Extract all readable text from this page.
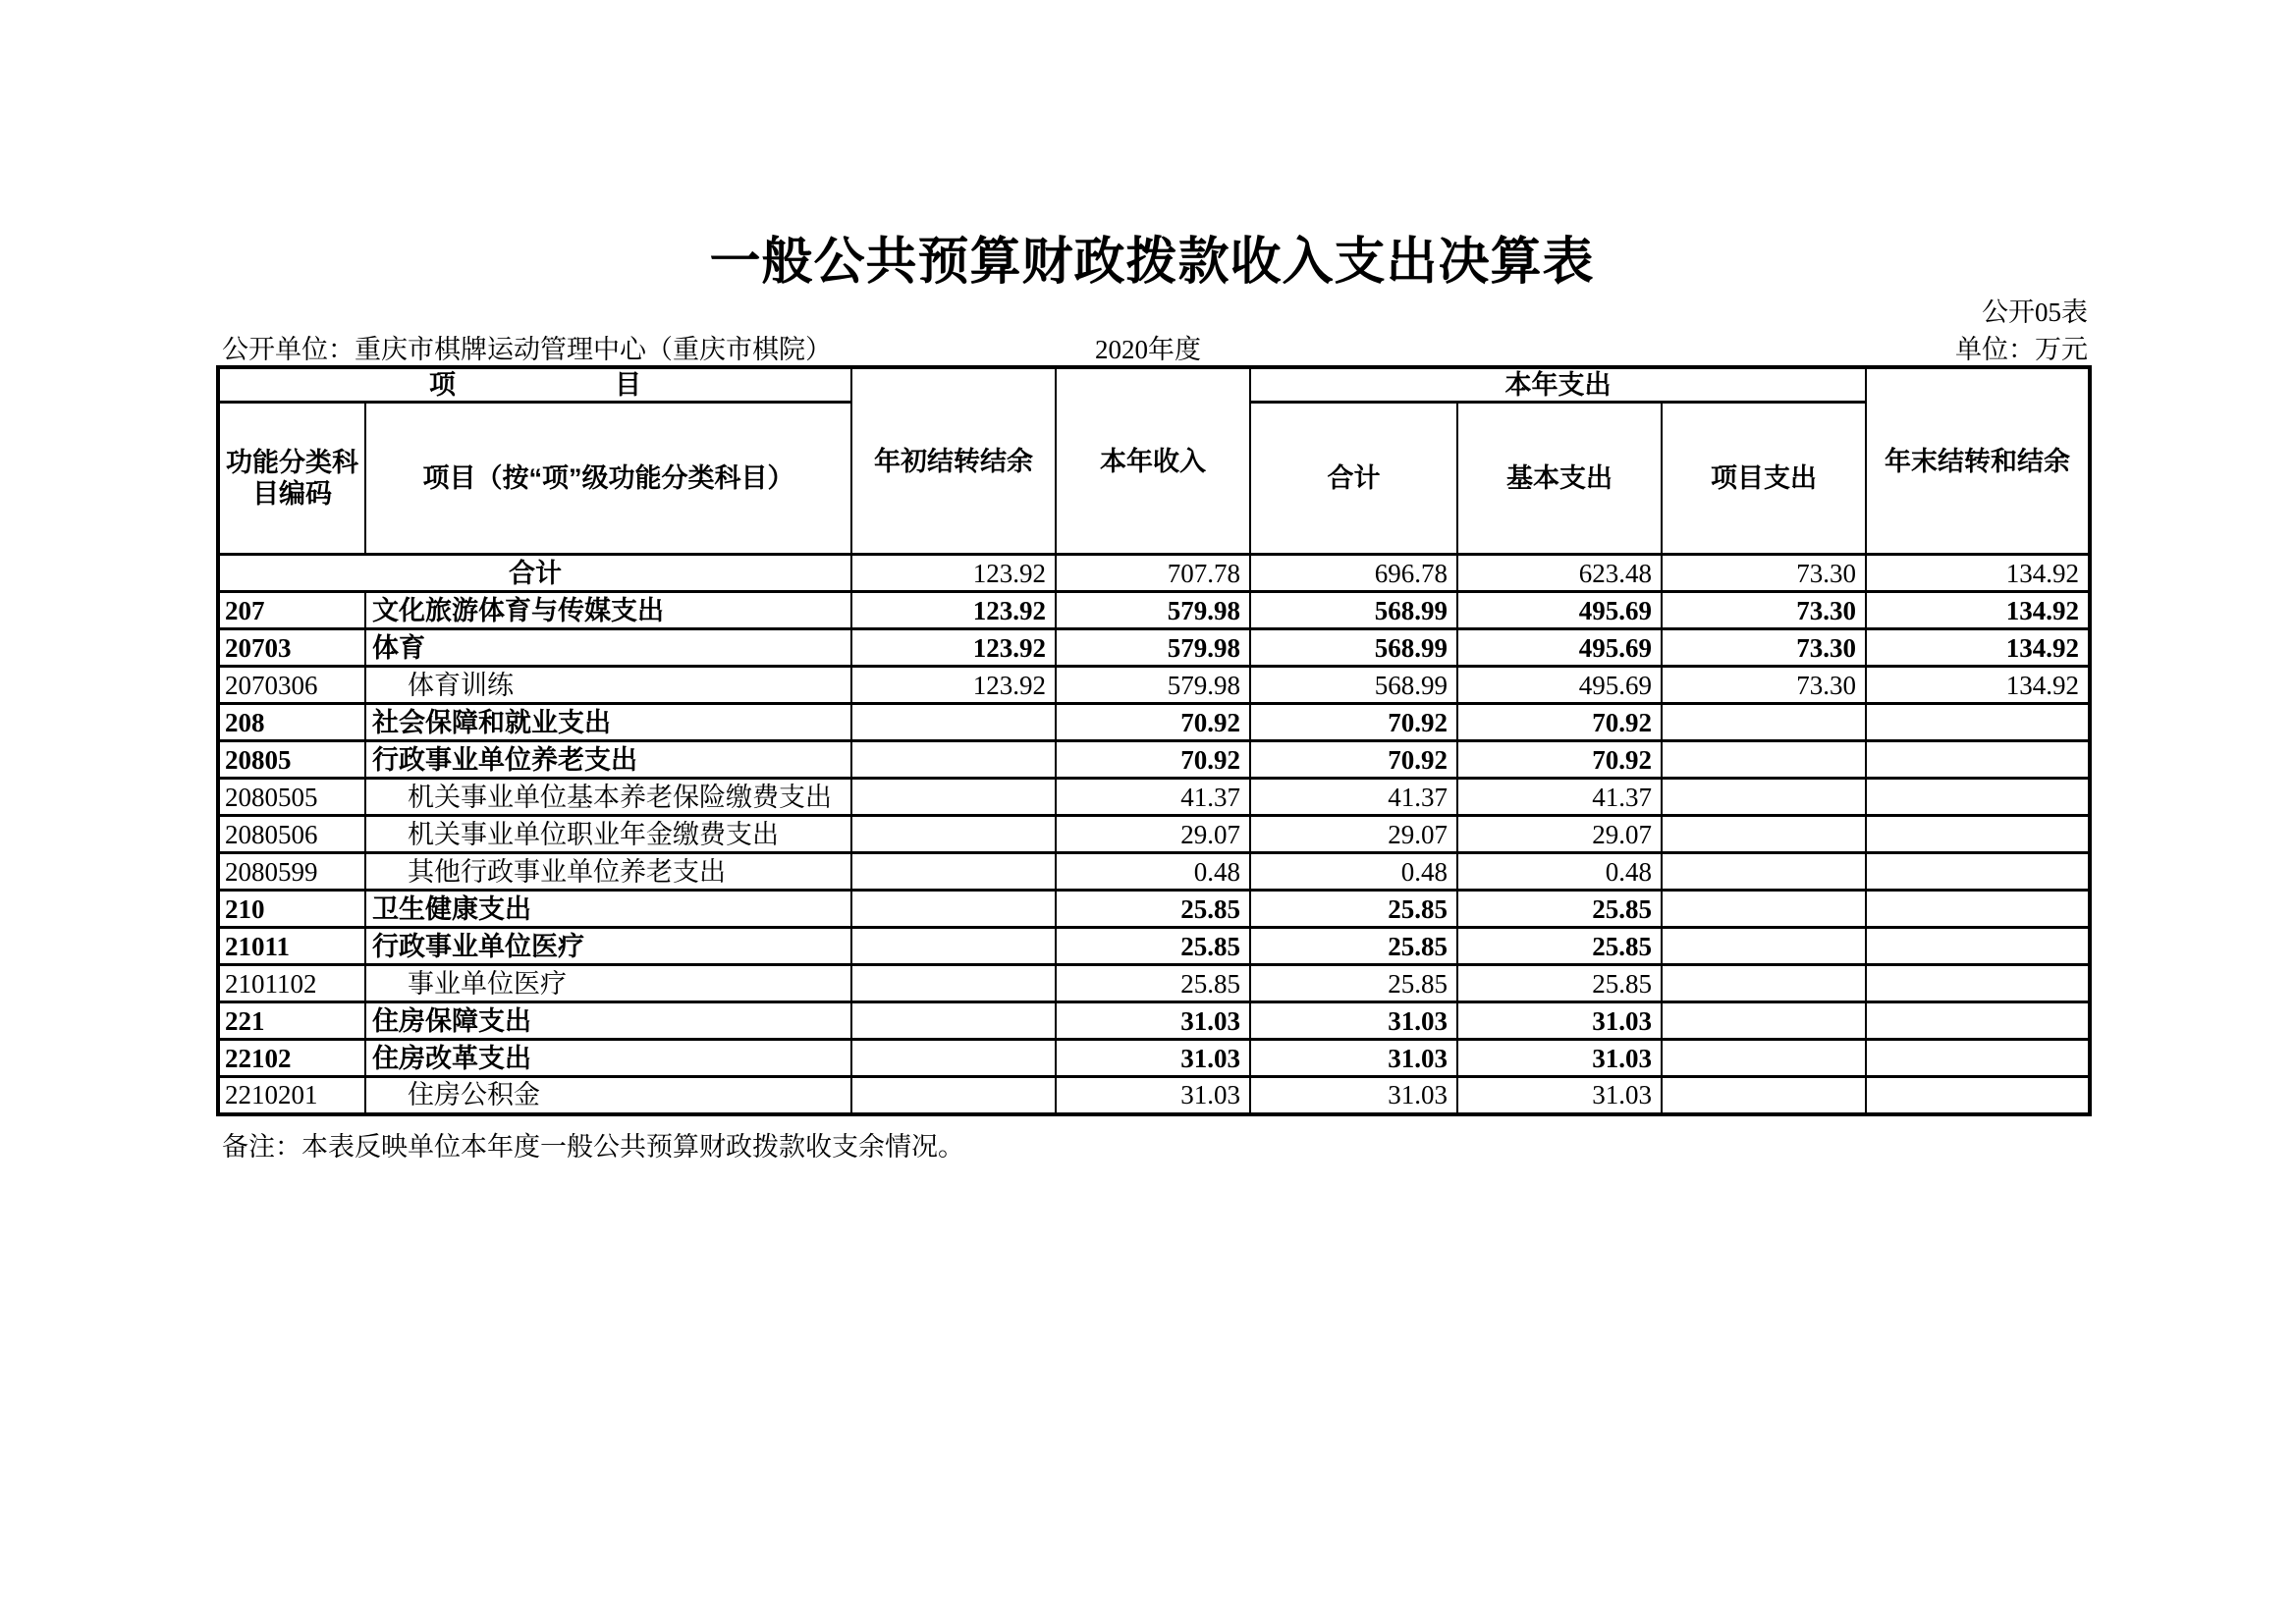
一般公共预算财政拨款收入支出决算表
公开05表
公开单位：重庆市棋牌运动管理中心（重庆市棋院）	2020年度	单位：万元
项　　　　　　目		年初结转结余	本年收入	本年支出			年末结转和结余
功能分类科目编码	项目（按“项”级功能分类科目）			合计	基本支出	项目支出	
合计		123.92	707.78	696.78	623.48	73.30	134.92
207	文化旅游体育与传媒支出	123.92	579.98	568.99	495.69	73.30	134.92
20703	体育	123.92	579.98	568.99	495.69	73.30	134.92
2070306	体育训练	123.92	579.98	568.99	495.69	73.30	134.92
208	社会保障和就业支出		70.92	70.92	70.92		
20805	行政事业单位养老支出		70.92	70.92	70.92		
2080505	机关事业单位基本养老保险缴费支出		41.37	41.37	41.37		
2080506	机关事业单位职业年金缴费支出		29.07	29.07	29.07		
2080599	其他行政事业单位养老支出		0.48	0.48	0.48		
210	卫生健康支出		25.85	25.85	25.85		
21011	行政事业单位医疗		25.85	25.85	25.85		
2101102	事业单位医疗		25.85	25.85	25.85		
221	住房保障支出		31.03	31.03	31.03		
22102	住房改革支出		31.03	31.03	31.03		
2210201	住房公积金		31.03	31.03	31.03		
备注：本表反映单位本年度一般公共预算财政拨款收支余情况。
